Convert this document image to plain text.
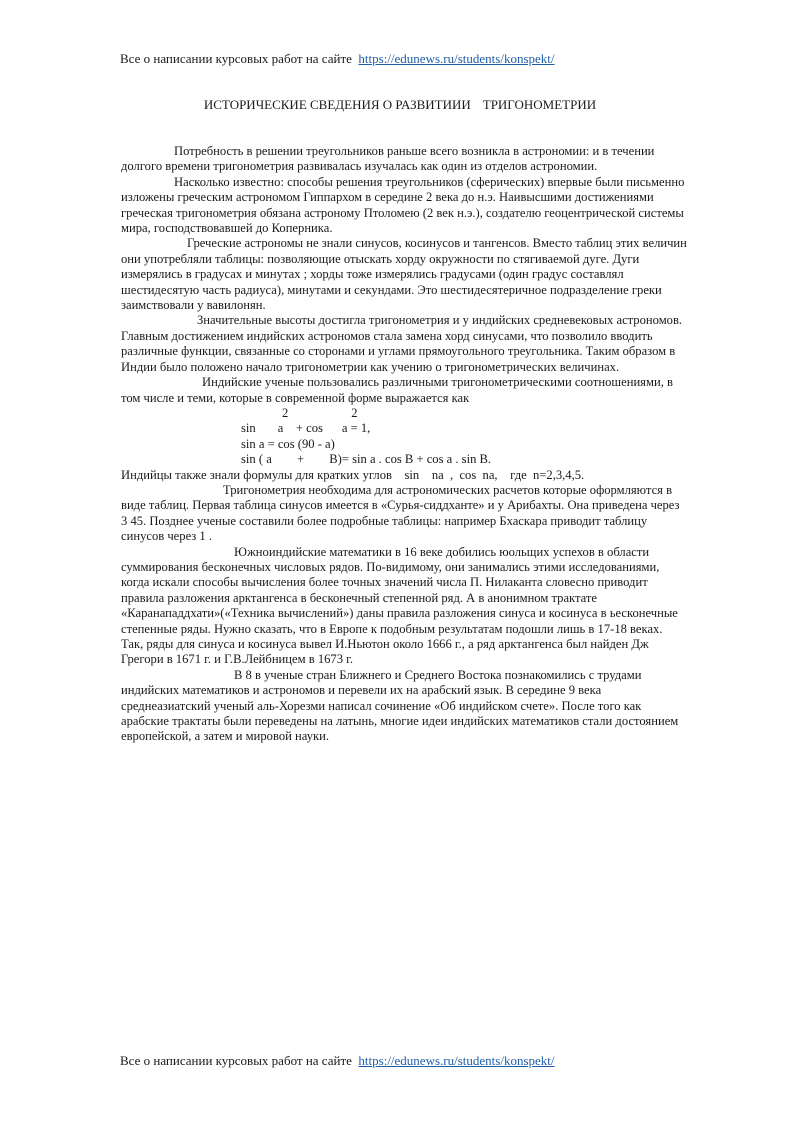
Все о написании курсовых работ на сайте https://edunews.ru/students/konspekt/
ИСТОРИЧЕСКИЕ СВЕДЕНИЯ О РАЗВИТИИИ ТРИГОНОМЕТРИИ

Потребность в решении треугольников раньше всего возникла в астрономии: и в течении долгого времени тригонометрия развивалась изучалась как один из отделов астрономии.

Насколько известно: способы решения треугольников (сферических) впервые были письменно изложены греческим астрономом Гиппархом в середине 2 века до н.э. Наивысшими достижениями греческая тригонометрия обязана астроному Птоломею (2 век н.э.), создателю геоцентрической системы мира, господствовавшей до Коперника.

Греческие астрономы не знали синусов, косинусов и тангенсов. Вместо таблиц этих величин они употребляли таблицы: позволяющие отыскать хорду окружности по стягиваемой дуге. Дуги измерялись в градусах и минутах ; хорды тоже измерялись градусами (один градус составлял шестидесятую часть радиуса), минутами и секундами. Это шестидесятеричное подразделение греки заимствовали у вавилонян.

Значительные высоты достигла тригонометрия и у индийских средневековых астрономов. Главным достижением индийских астрономов стала замена хорд синусами, что позволило вводить различные функции, связанные со сторонами и углами прямоугольного треугольника. Таким образом в Индии было положено начало тригонометрии как учению о тригонометрических величинах.

Индийские ученые пользовались различными тригонометрическими соотношениями, в том числе и теми, которые в современной форме выражается как

2                    2

sin       a    + cos      a = 1,

sin a = cos (90 - a)

sin ( a        +        B)= sin a . cos B + cos a . sin B.

Индийцы также знали формулы для кратких углов    sin    na  ,  cos  na,    где  n=2,3,4,5.

Тригонометрия необходима для астрономических расчетов которые оформляются в виде таблиц. Первая таблица синусов имеется в «Сурья-сиддханте» и у Арибахты. Она приведена через 3 45. Позднее ученые составили более подробные таблицы: например Бхаскара приводит таблицу синусов через 1 .

Южноиндийские математики в 16 веке добились юольщих успехов в области суммирования бесконечных числовых рядов. По-видимому, они занимались этими исследованиями, когда искали способы вычисления более точных значений числа П. Нилаканта словесно приводит правила разложения арктангенса в бесконечный степенной ряд. А в анонимном трактате «Каранападдхати»(«Техника вычислений») даны правила разложения синуса и косинуса в ьесконечные степенные ряды. Нужно сказать, что в Европе к подобным результатам подошли лишь в 17-18 веках. Так, ряды для синуса и косинуса вывел И.Ньютон около 1666 г., а ряд арктангенса был найден Дж Грегори в 1671 г. и Г.В.Лейбницем в 1673 г.

В 8 в ученые стран Ближнего и Среднего Востока познакомились с трудами индийских математиков и астрономов и перевели их на арабский язык. В середине 9 века среднеазиатский ученый аль-Хорезми написал сочинение «Об индийском счете». После того как арабские трактаты были переведены на латынь, многие идеи индийских математиков стали достоянием европейской, а затем и мировой науки.

Все о написании курсовых работ на сайте https://edunews.ru/students/konspekt/
